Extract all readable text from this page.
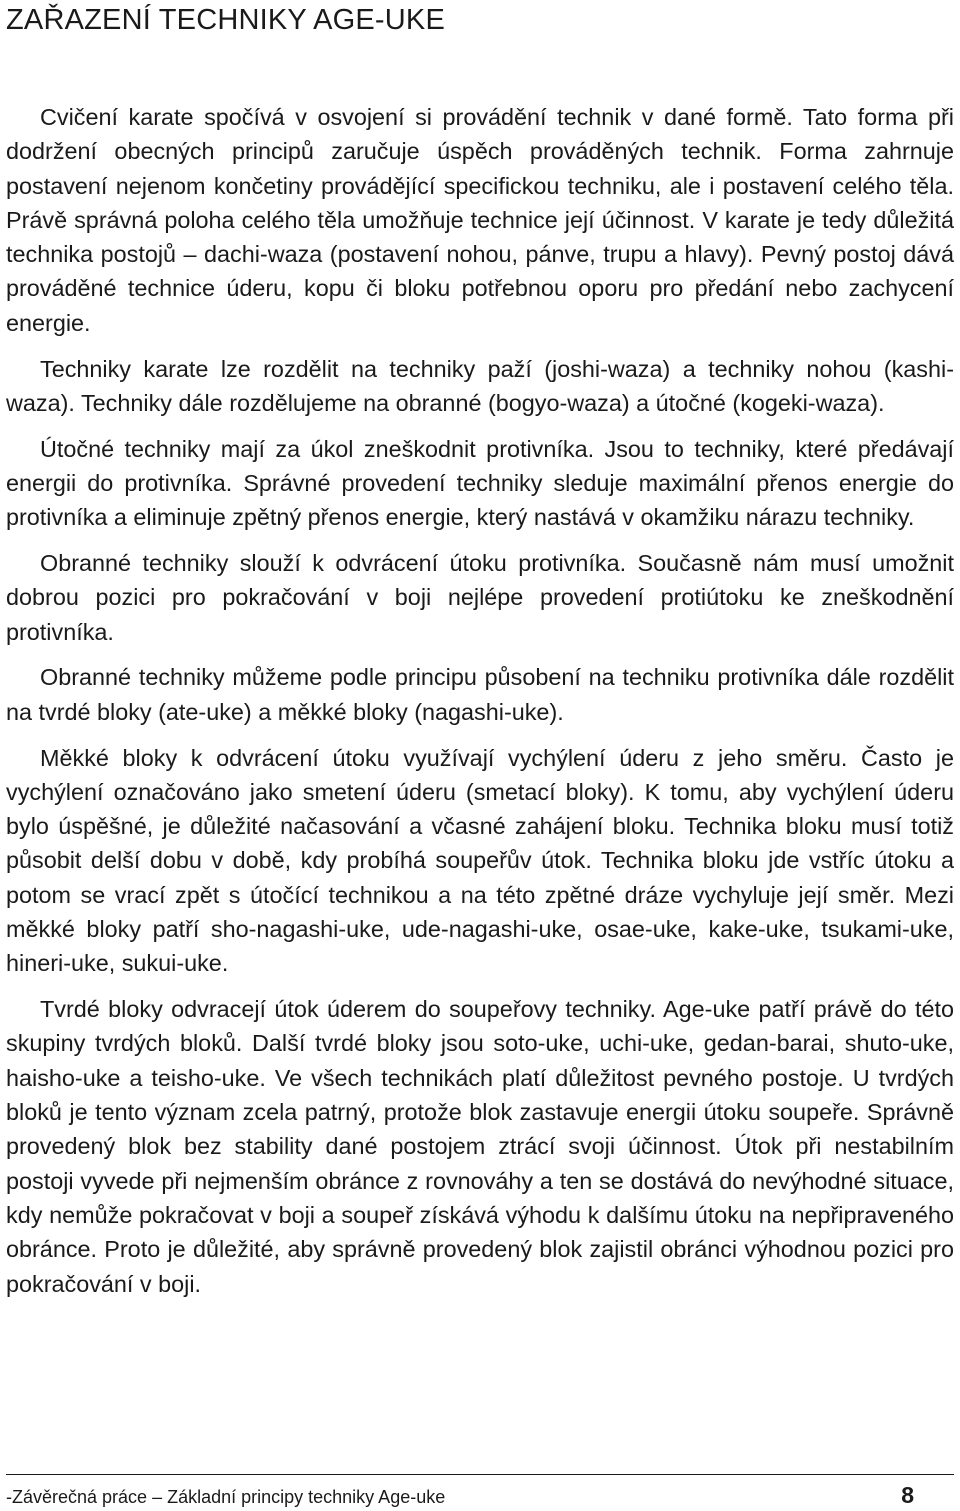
ZAŘAZENÍ TECHNIKY AGE-UKE

Cvičení karate spočívá v osvojení si provádění technik v dané formě. Tato forma při dodržení obecných principů zaručuje úspěch prováděných technik. Forma zahrnuje postavení nejenom končetiny provádějící specifickou techniku, ale i postavení celého těla. Právě správná poloha celého těla umožňuje technice její účinnost. V karate je tedy důležitá technika postojů – dachi-waza (postavení nohou, pánve, trupu a hlavy). Pevný postoj dává prováděné technice úderu, kopu či bloku potřebnou oporu pro předání nebo zachycení energie.

Techniky karate lze rozdělit na techniky paží (joshi-waza) a techniky nohou (kashi-waza). Techniky dále rozdělujeme na obranné (bogyo-waza) a útočné (kogeki-waza).

Útočné techniky mají za úkol zneškodnit protivníka. Jsou to techniky, které předávají energii do protivníka. Správné provedení techniky sleduje maximální přenos energie do protivníka a eliminuje zpětný přenos energie, který nastává v okamžiku nárazu techniky.

Obranné techniky slouží k odvrácení útoku protivníka. Současně nám musí umožnit dobrou pozici pro pokračování v boji nejlépe provedení protiútoku ke zneškodnění protivníka.

Obranné techniky můžeme podle principu působení na techniku protivníka dále rozdělit na tvrdé bloky (ate-uke) a měkké bloky (nagashi-uke).

Měkké bloky k odvrácení útoku využívají vychýlení úderu z jeho směru. Často je vychýlení označováno jako smetení úderu (smetací bloky). K tomu, aby vychýlení úderu bylo úspěšné, je důležité načasování a včasné zahájení bloku. Technika bloku musí totiž působit delší dobu v době, kdy probíhá soupeřův útok. Technika bloku jde vstříc útoku a potom se vrací zpět s útočící technikou a na této zpětné dráze vychyluje její směr. Mezi měkké bloky patří sho-nagashi-uke, ude-nagashi-uke, osae-uke, kake-uke, tsukami-uke, hineri-uke, sukui-uke.

Tvrdé bloky odvracejí útok úderem do soupeřovy techniky. Age-uke patří právě do této skupiny tvrdých bloků. Další tvrdé bloky jsou soto-uke, uchi-uke, gedan-barai, shuto-uke, haisho-uke a teisho-uke. Ve všech technikách platí důležitost pevného postoje. U tvrdých bloků je tento význam zcela patrný, protože blok zastavuje energii útoku soupeře. Správně provedený blok bez stability dané postojem ztrácí svoji účinnost. Útok při nestabilním postoji vyvede při nejmenším obránce z rovnováhy a ten se dostává do nevýhodné situace, kdy nemůže pokračovat v boji a soupeř získává výhodu k dalšímu útoku na nepřipraveného obránce. Proto je důležité, aby správně provedený blok zajistil obránci výhodnou pozici pro pokračování v boji.

-Závěrečná práce – Základní principy techniky Age-uke	8
